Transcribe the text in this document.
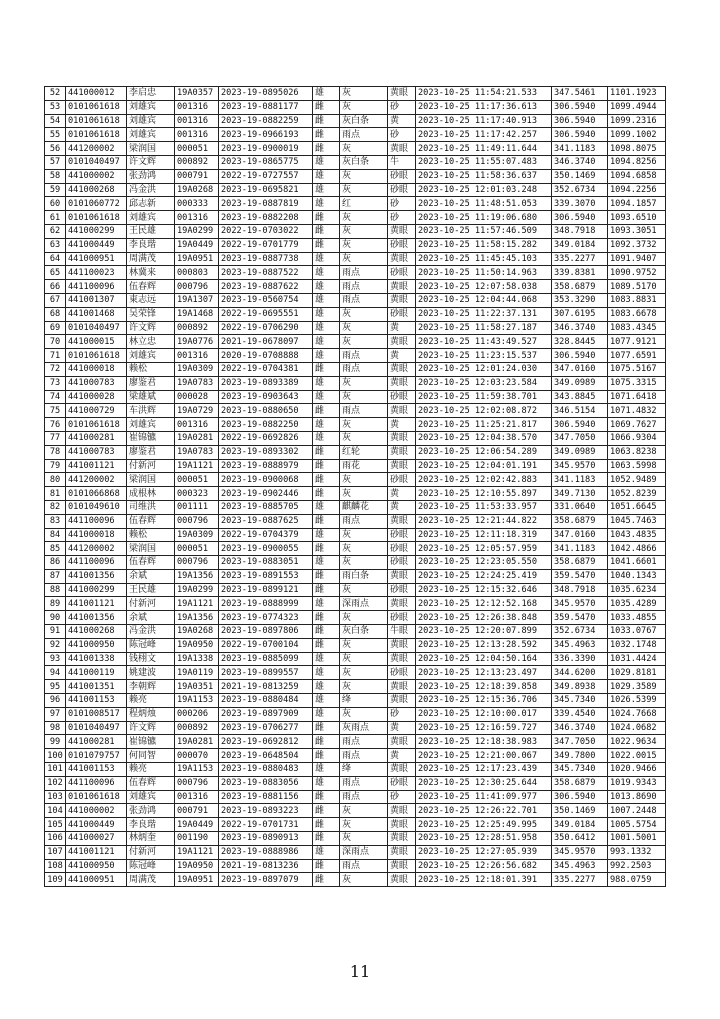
52	441000012	李启忠	19A0357	2023-19-0895026	雄	灰	黄眼	2023-10-25 11:54:21.533	347.5461	1101.1923
53	0101061618	刘雄宾	001316	2023-19-0881177	雌	灰	砂	2023-10-25 11:17:36.613	306.5940	1099.4944
54	0101061618	刘雄宾	001316	2023-19-0882259	雌	灰白条	黄	2023-10-25 11:17:40.913	306.5940	1099.2316
55	0101061618	刘雄宾	001316	2023-19-0966193	雌	雨点	砂	2023-10-25 11:17:42.257	306.5940	1099.1002
56	441200002	梁润国	000051	2023-19-0900019	雌	灰	黄眼	2023-10-25 11:49:11.644	341.1183	1098.8075
57	0101040497	许文辉	000892	2023-19-0865775	雄	灰白条	牛	2023-10-25 11:55:07.483	346.3740	1094.8256
58	441000002	张劲鸿	000791	2022-19-0727557	雄	灰	砂眼	2023-10-25 11:58:36.637	350.1469	1094.6858
59	441000268	冯金洪	19A0268	2023-19-0695821	雄	灰	砂眼	2023-10-25 12:01:03.248	352.6734	1094.2256
60	0101060772	邱志新	000333	2023-19-0887819	雄	红	砂	2023-10-25 11:48:51.053	339.3070	1094.1857
61	0101061618	刘雄宾	001316	2023-19-0882208	雌	灰	砂	2023-10-25 11:19:06.680	306.5940	1093.6510
62	441000299	王民雄	19A0299	2022-19-0703022	雌	灰	黄眼	2023-10-25 11:57:46.509	348.7918	1093.3051
63	441000449	李良瑎	19A0449	2022-19-0701779	雌	灰	砂眼	2023-10-25 11:58:15.282	349.0184	1092.3732
64	441000951	周满茂	19A0951	2023-19-0887738	雄	灰	黄眼	2023-10-25 11:45:45.103	335.2277	1091.9407
65	441100023	林冀来	000803	2023-19-0887522	雄	雨点	砂眼	2023-10-25 11:50:14.963	339.8381	1090.9752
66	441100096	伍春辉	000796	2023-19-0887622	雄	雨点	黄眼	2023-10-25 12:07:58.038	358.6879	1089.5170
67	441001307	東志远	19A1307	2023-19-0560754	雄	雨点	黄眼	2023-10-25 12:04:44.068	353.3290	1083.8831
68	441001468	吴荣锋	19A1468	2022-19-0695551	雄	灰	砂眼	2023-10-25 11:22:37.131	307.6195	1083.6678
69	0101040497	许文辉	000892	2022-19-0706290	雄	灰	黄	2023-10-25 11:58:27.187	346.3740	1083.4345
70	441000015	林立忠	19A0776	2021-19-0678097	雄	灰	黄眼	2023-10-25 11:43:49.527	328.8445	1077.9121
71	0101061618	刘雄宾	001316	2020-19-0708888	雄	雨点	黄	2023-10-25 11:23:15.537	306.5940	1077.6591
72	441000018	赖松	19A0309	2022-19-0704381	雌	雨点	黄眼	2023-10-25 12:01:24.030	347.0160	1075.5167
73	441000783	廖鉴君	19A0783	2023-19-0893389	雄	灰	黄眼	2023-10-25 12:03:23.584	349.0989	1075.3315
74	441000028	梁雄斌	000028	2023-19-0903643	雄	灰	砂眼	2023-10-25 11:59:38.701	343.8845	1071.6418
75	441000729	车洪辉	19A0729	2023-19-0880650	雌	雨点	黄眼	2023-10-25 12:02:08.872	346.5154	1071.4832
76	0101061618	刘雄宾	001316	2023-19-0882250	雄	灰	黄	2023-10-25 11:25:21.817	306.5940	1069.7627
77	441000281	崔锦镳	19A0281	2022-19-0692826	雄	灰	黄眼	2023-10-25 12:04:38.570	347.7050	1066.9304
78	441000783	廖鉴君	19A0783	2023-19-0893302	雌	红轮	黄眼	2023-10-25 12:06:54.289	349.0989	1063.8238
79	441001121	付新河	19A1121	2023-19-0888979	雌	雨花	黄眼	2023-10-25 12:04:01.191	345.9570	1063.5998
80	441200002	梁润国	000051	2023-19-0900068	雌	灰	砂眼	2023-10-25 12:02:42.883	341.1183	1052.9489
81	0101066868	成根林	000323	2023-19-0902446	雌	灰	黄	2023-10-25 12:10:55.897	349.7130	1052.8239
82	0101049610	司维洪	001111	2023-19-0885705	雄	麒麟花	黄	2023-10-25 11:53:33.957	331.0640	1051.6645
83	441100096	伍春辉	000796	2023-19-0887625	雌	雨点	黄眼	2023-10-25 12:21:44.822	358.6879	1045.7463
84	441000018	赖松	19A0309	2022-19-0704379	雄	灰	砂眼	2023-10-25 12:11:18.319	347.0160	1043.4835
85	441200002	梁润国	000051	2023-19-0900055	雌	灰	砂眼	2023-10-25 12:05:57.959	341.1183	1042.4866
86	441100096	伍春辉	000796	2023-19-0883051	雄	灰	砂眼	2023-10-25 12:23:05.550	358.6879	1041.6601
87	441001356	余斌	19A1356	2023-19-0891553	雌	雨白条	黄眼	2023-10-25 12:24:25.419	359.5470	1040.1343
88	441000299	王民雄	19A0299	2023-19-0899121	雌	灰	砂眼	2023-10-25 12:15:32.646	348.7918	1035.6234
89	441001121	付新河	19A1121	2023-19-0888999	雄	深雨点	黄眼	2023-10-25 12:12:52.168	345.9570	1035.4289
90	441001356	余斌	19A1356	2023-19-0774323	雌	灰	砂眼	2023-10-25 12:26:38.848	359.5470	1033.4855
91	441000268	冯金洪	19A0268	2023-19-0897806	雌	灰白条	牛眼	2023-10-25 12:20:07.899	352.6734	1033.0767
92	441000950	陈冠峰	19A0950	2022-19-0700104	雌	灰	黄眼	2023-10-25 12:13:28.592	345.4963	1032.1748
93	441001338	钱栩文	19A1338	2023-19-0885099	雄	灰	黄眼	2023-10-25 12:04:50.164	336.3390	1031.4424
94	441000119	姚建波	19A0119	2023-19-0899557	雄	灰	砂眼	2023-10-25 12:13:23.497	344.6200	1029.8181
95	441001351	李朝辉	19A0351	2021-19-0813259	雄	灰	黄眼	2023-10-25 12:18:39.858	349.8938	1029.3589
96	441001153	赖亮	19A1153	2023-19-0880484	雄	绛	黄眼	2023-10-25 12:15:36.706	345.7340	1026.5399
97	0101008517	程炳烛	000206	2023-19-0897909	雄	灰	砂	2023-10-25 12:10:00.017	339.4540	1024.7668
98	0101040497	许文辉	000892	2023-19-0706277	雌	灰雨点	黄	2023-10-25 12:16:59.727	346.3740	1024.0682
99	441000281	崔锦镳	19A0281	2023-19-0692812	雌	雨点	黄眼	2023-10-25 12:18:38.983	347.7050	1022.9634
100	0101079757	何同智	000070	2023-19-0648504	雌	雨点	黄	2023-10-25 12:21:00.067	349.7800	1022.0015
101	441001153	赖亮	19A1153	2023-19-0880483	雄	绛	黄眼	2023-10-25 12:17:23.439	345.7340	1020.9466
102	441100096	伍春辉	000796	2023-19-0883056	雄	雨点	砂眼	2023-10-25 12:30:25.644	358.6879	1019.9343
103	0101061618	刘雄宾	001316	2023-19-0881156	雌	雨点	砂	2023-10-25 11:41:09.977	306.5940	1013.8690
104	441000002	张劲鸿	000791	2023-19-0893223	雌	灰	黄眼	2023-10-25 12:26:22.701	350.1469	1007.2448
105	441000449	李良瑎	19A0449	2022-19-0701731	雌	灰	黄眼	2023-10-25 12:25:49.995	349.0184	1005.5754
106	441000027	林炳奎	001190	2023-19-0890913	雌	灰	黄眼	2023-10-25 12:28:51.958	350.6412	1001.5001
107	441001121	付新河	19A1121	2023-19-0888986	雄	深雨点	黄眼	2023-10-25 12:27:05.939	345.9570	993.1332
108	441000950	陈冠峰	19A0950	2021-19-0813236	雌	雨点	黄眼	2023-10-25 12:26:56.682	345.4963	992.2503
109	441000951	周满茂	19A0951	2023-19-0897079	雌	灰	黄眼	2023-10-25 12:18:01.391	335.2277	988.0759
11
